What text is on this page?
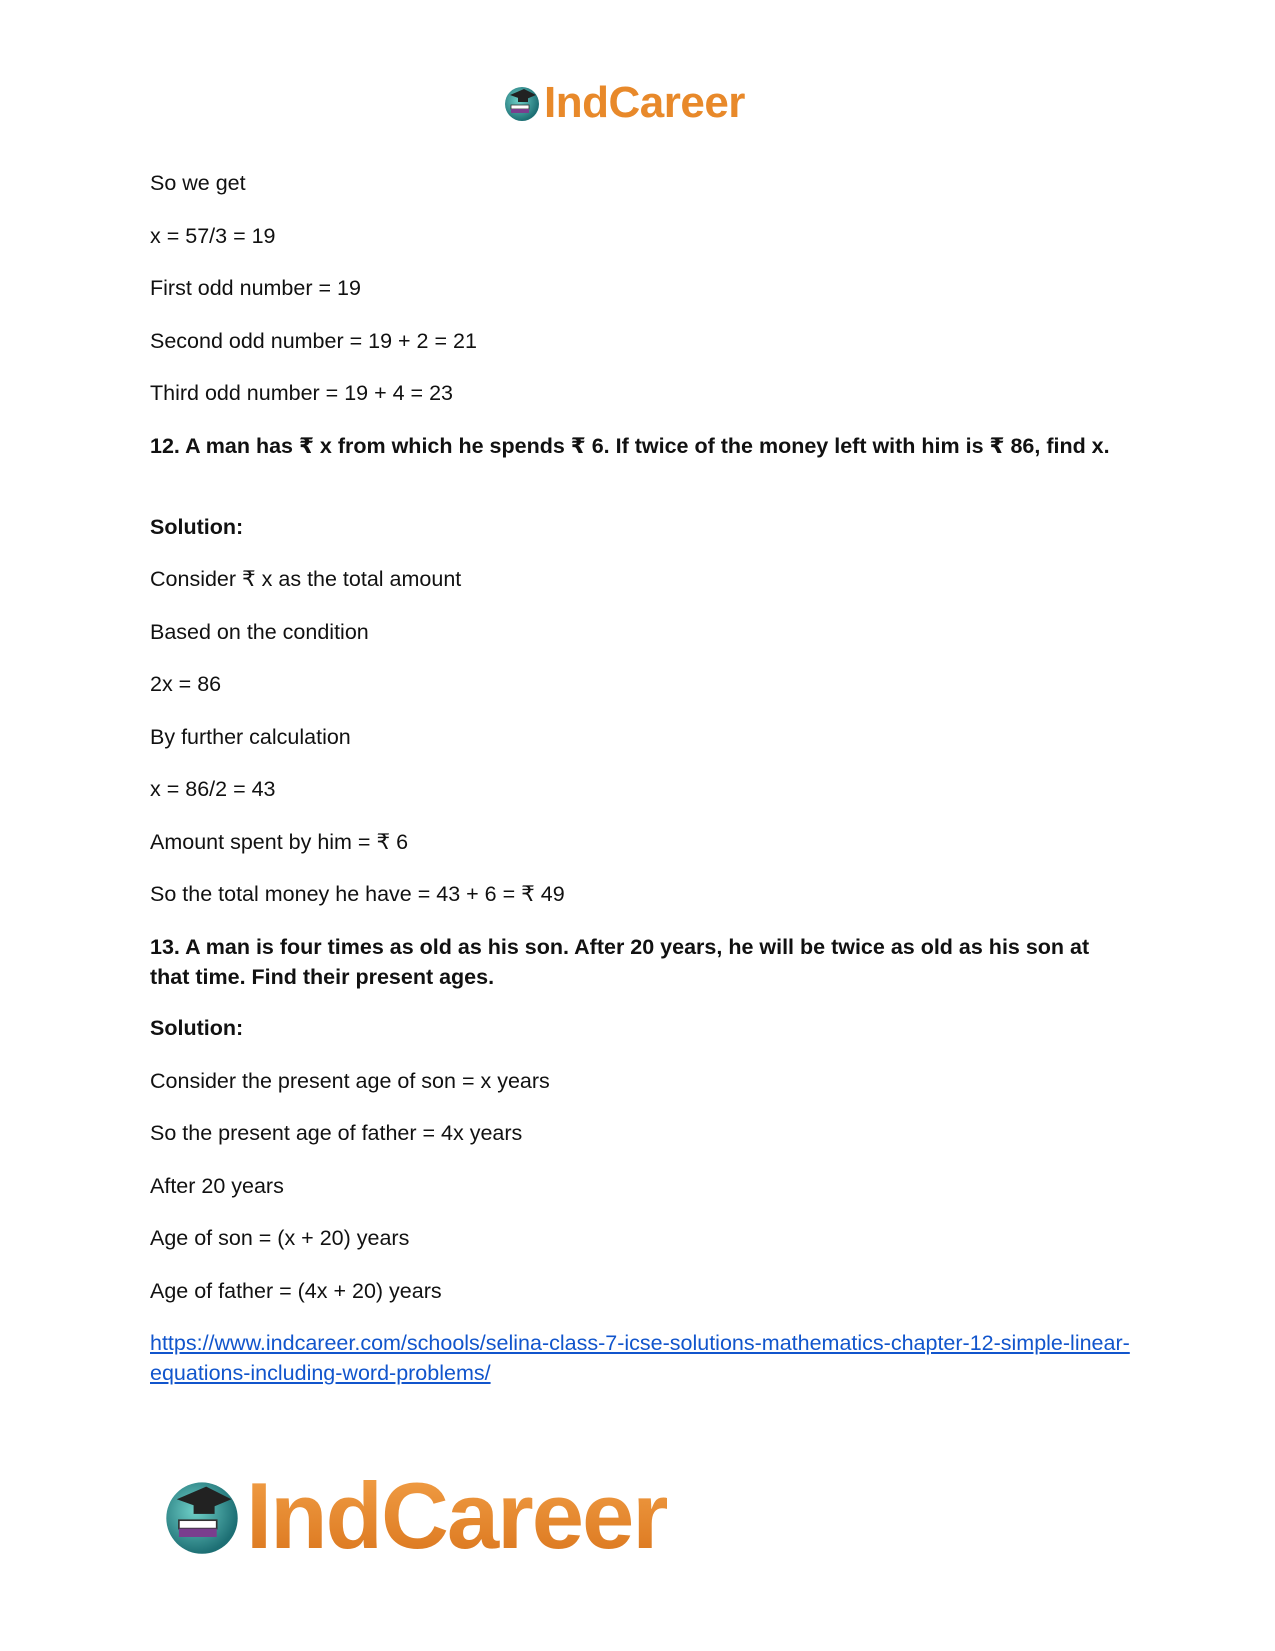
IndCareer
So we get
x = 57/3 = 19
First odd number = 19
Second odd number = 19 + 2 = 21
Third odd number = 19 + 4 = 23
12. A man has ₹ x from which he spends ₹ 6. If twice of the money left with him is ₹ 86, find x.
Solution:
Consider ₹ x as the total amount
Based on the condition
2x = 86
By further calculation
x = 86/2 = 43
Amount spent by him = ₹ 6
So the total money he have = 43 + 6 = ₹ 49
13. A man is four times as old as his son. After 20 years, he will be twice as old as his son at that time. Find their present ages.
Solution:
Consider the present age of son = x years
So the present age of father = 4x years
After 20 years
Age of son = (x + 20) years
Age of father = (4x + 20) years
https://www.indcareer.com/schools/selina-class-7-icse-solutions-mathematics-chapter-12-simple-linear-equations-including-word-problems/
IndCareer
